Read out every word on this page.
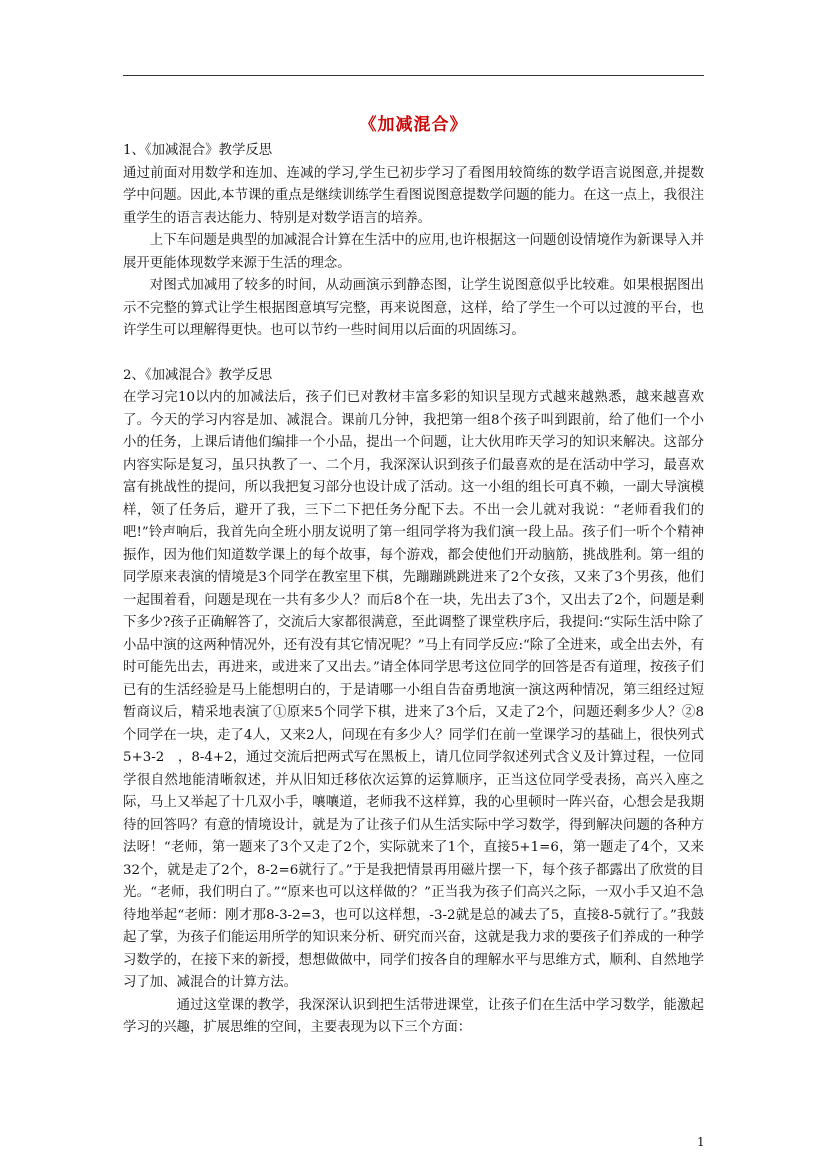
《加减混合》

1、《加减混合》教学反思

通过前面对用数学和连加、连减的学习,学生已初步学习了看图用较简练的数学语言说图意,并提数学中问题。因此,本节课的重点是继续训练学生看图说图意提数学问题的能力。在这一点上，我很注重学生的语言表达能力、特别是对数学语言的培养。

上下车问题是典型的加减混合计算在生活中的应用,也许根据这一问题创设情境作为新课导入并展开更能体现数学来源于生活的理念。

对图式加减用了较多的时间，从动画演示到静态图，让学生说图意似乎比较难。如果根据图出示不完整的算式让学生根据图意填写完整，再来说图意，这样，给了学生一个可以过渡的平台，也许学生可以理解得更快。也可以节约一些时间用以后面的巩固练习。

2、《加减混合》教学反思

在学习完10以内的加减法后，孩子们已对教材丰富多彩的知识呈现方式越来越熟悉，越来越喜欢了。今天的学习内容是加、减混合。课前几分钟，我把第一组8个孩子叫到跟前，给了他们一个小小的任务，上课后请他们编排一个小品，提出一个问题，让大伙用昨天学习的知识来解决。这部分内容实际是复习，虽只执教了一、二个月，我深深认识到孩子们最喜欢的是在活动中学习，最喜欢富有挑战性的提问，所以我把复习部分也设计成了活动。这一小组的组长可真不赖，一副大导演模样，领了任务后，避开了我，三下二下把任务分配下去。不出一会儿就对我说：“老师看我们的吧!”铃声响后，我首先向全班小朋友说明了第一组同学将为我们演一段上品。孩子们一听个个精神振作，因为他们知道数学课上的每个故事，每个游戏，都会使他们开动脑筋，挑战胜利。第一组的同学原来表演的情境是3个同学在教室里下棋，先蹦蹦跳跳进来了2个女孩，又来了3个男孩，他们一起围着看，问题是现在一共有多少人？而后8个在一块，先出去了3个，又出去了2个，问题是剩下多少?孩子正确解答了，交流后大家都很满意，至此调整了课堂秩序后，我提问:“实际生活中除了小品中演的这两种情况外，还有没有其它情况呢？”马上有同学反应:“除了全进来，或全出去外，有时可能先出去，再进来，或进来了又出去。”请全体同学思考这位同学的回答是否有道理，按孩子们已有的生活经验是马上能想明白的，于是请哪一小组自告奋勇地演一演这两种情况，第三组经过短暂商议后，精采地表演了①原来5个同学下棋，进来了3个后，又走了2个，问题还剩多少人？②8个同学在一块，走了4人，又来2人，问现在有多少人？同学们在前一堂课学习的基础上，很快列式5+3-2　，8-4+2，通过交流后把两式写在黑板上，请几位同学叙述列式含义及计算过程，一位同学很自然地能清晰叙述，并从旧知迁移依次运算的运算顺序，正当这位同学受表扬，高兴入座之际，马上又举起了十几双小手，嚷嚷道，老师我不这样算，我的心里顿时一阵兴奋，心想会是我期待的回答吗？有意的情境设计，就是为了让孩子们从生活实际中学习数学，得到解决问题的各种方法呀！“老师，第一题来了3个又走了2个，实际就来了1个，直接5+1=6，第一题走了4个，又来32个，就是走了2个，8-2=6就行了。”于是我把情景再用磁片摆一下，每个孩子都露出了欣赏的目光。“老师，我们明白了。”“原来也可以这样做的？”正当我为孩子们高兴之际，一双小手又迫不急待地举起“老师：刚才那8-3-2=3，也可以这样想，-3-2就是总的减去了5，直接8-5就行了。”我鼓起了掌，为孩子们能运用所学的知识来分析、研究而兴奋，这就是我力求的要孩子们养成的一种学习数学的，在接下来的新授，想想做做中，同学们按各自的理解水平与思维方式，顺利、自然地学习了加、减混合的计算方法。

通过这堂课的教学，我深深认识到把生活带进课堂，让孩子们在生活中学习数学，能激起学习的兴趣，扩展思维的空间，主要表现为以下三个方面：

1
